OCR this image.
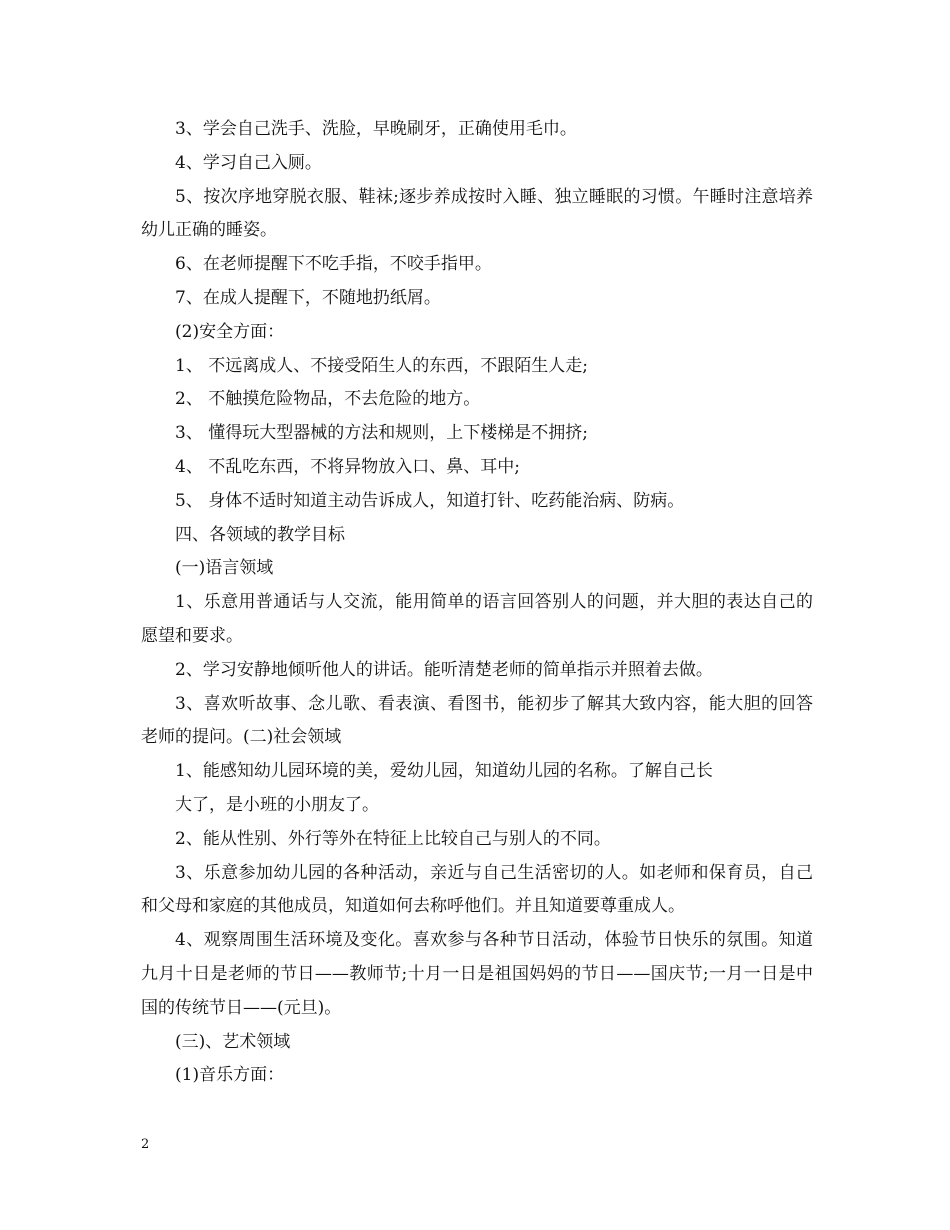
3、学会自己洗手、洗脸，早晚刷牙，正确使用毛巾。

4、学习自己入厕。

5、按次序地穿脱衣服、鞋袜;逐步养成按时入睡、独立睡眠的习惯。午睡时注意培养幼儿正确的睡姿。

6、在老师提醒下不吃手指，不咬手指甲。

7、在成人提醒下，不随地扔纸屑。

(2)安全方面：

1、 不远离成人、不接受陌生人的东西，不跟陌生人走;

2、 不触摸危险物品，不去危险的地方。

3、 懂得玩大型器械的方法和规则，上下楼梯是不拥挤;

4、 不乱吃东西，不将异物放入口、鼻、耳中;

5、 身体不适时知道主动告诉成人，知道打针、吃药能治病、防病。

四、各领域的教学目标

(一)语言领域

1、乐意用普通话与人交流，能用简单的语言回答别人的问题，并大胆的表达自己的愿望和要求。

2、学习安静地倾听他人的讲话。能听清楚老师的简单指示并照着去做。

3、喜欢听故事、念儿歌、看表演、看图书，能初步了解其大致内容，能大胆的回答老师的提问。(二)社会领域

1、能感知幼儿园环境的美，爱幼儿园，知道幼儿园的名称。了解自己长

大了，是小班的小朋友了。

2、能从性别、外行等外在特征上比较自己与别人的不同。

3、乐意参加幼儿园的各种活动，亲近与自己生活密切的人。如老师和保育员，自己和父母和家庭的其他成员，知道如何去称呼他们。并且知道要尊重成人。

4、观察周围生活环境及变化。喜欢参与各种节日活动，体验节日快乐的氛围。知道九月十日是老师的节日——教师节;十月一日是祖国妈妈的节日——国庆节;一月一日是中国的传统节日——(元旦)。

(三)、艺术领域

(1)音乐方面：

2
